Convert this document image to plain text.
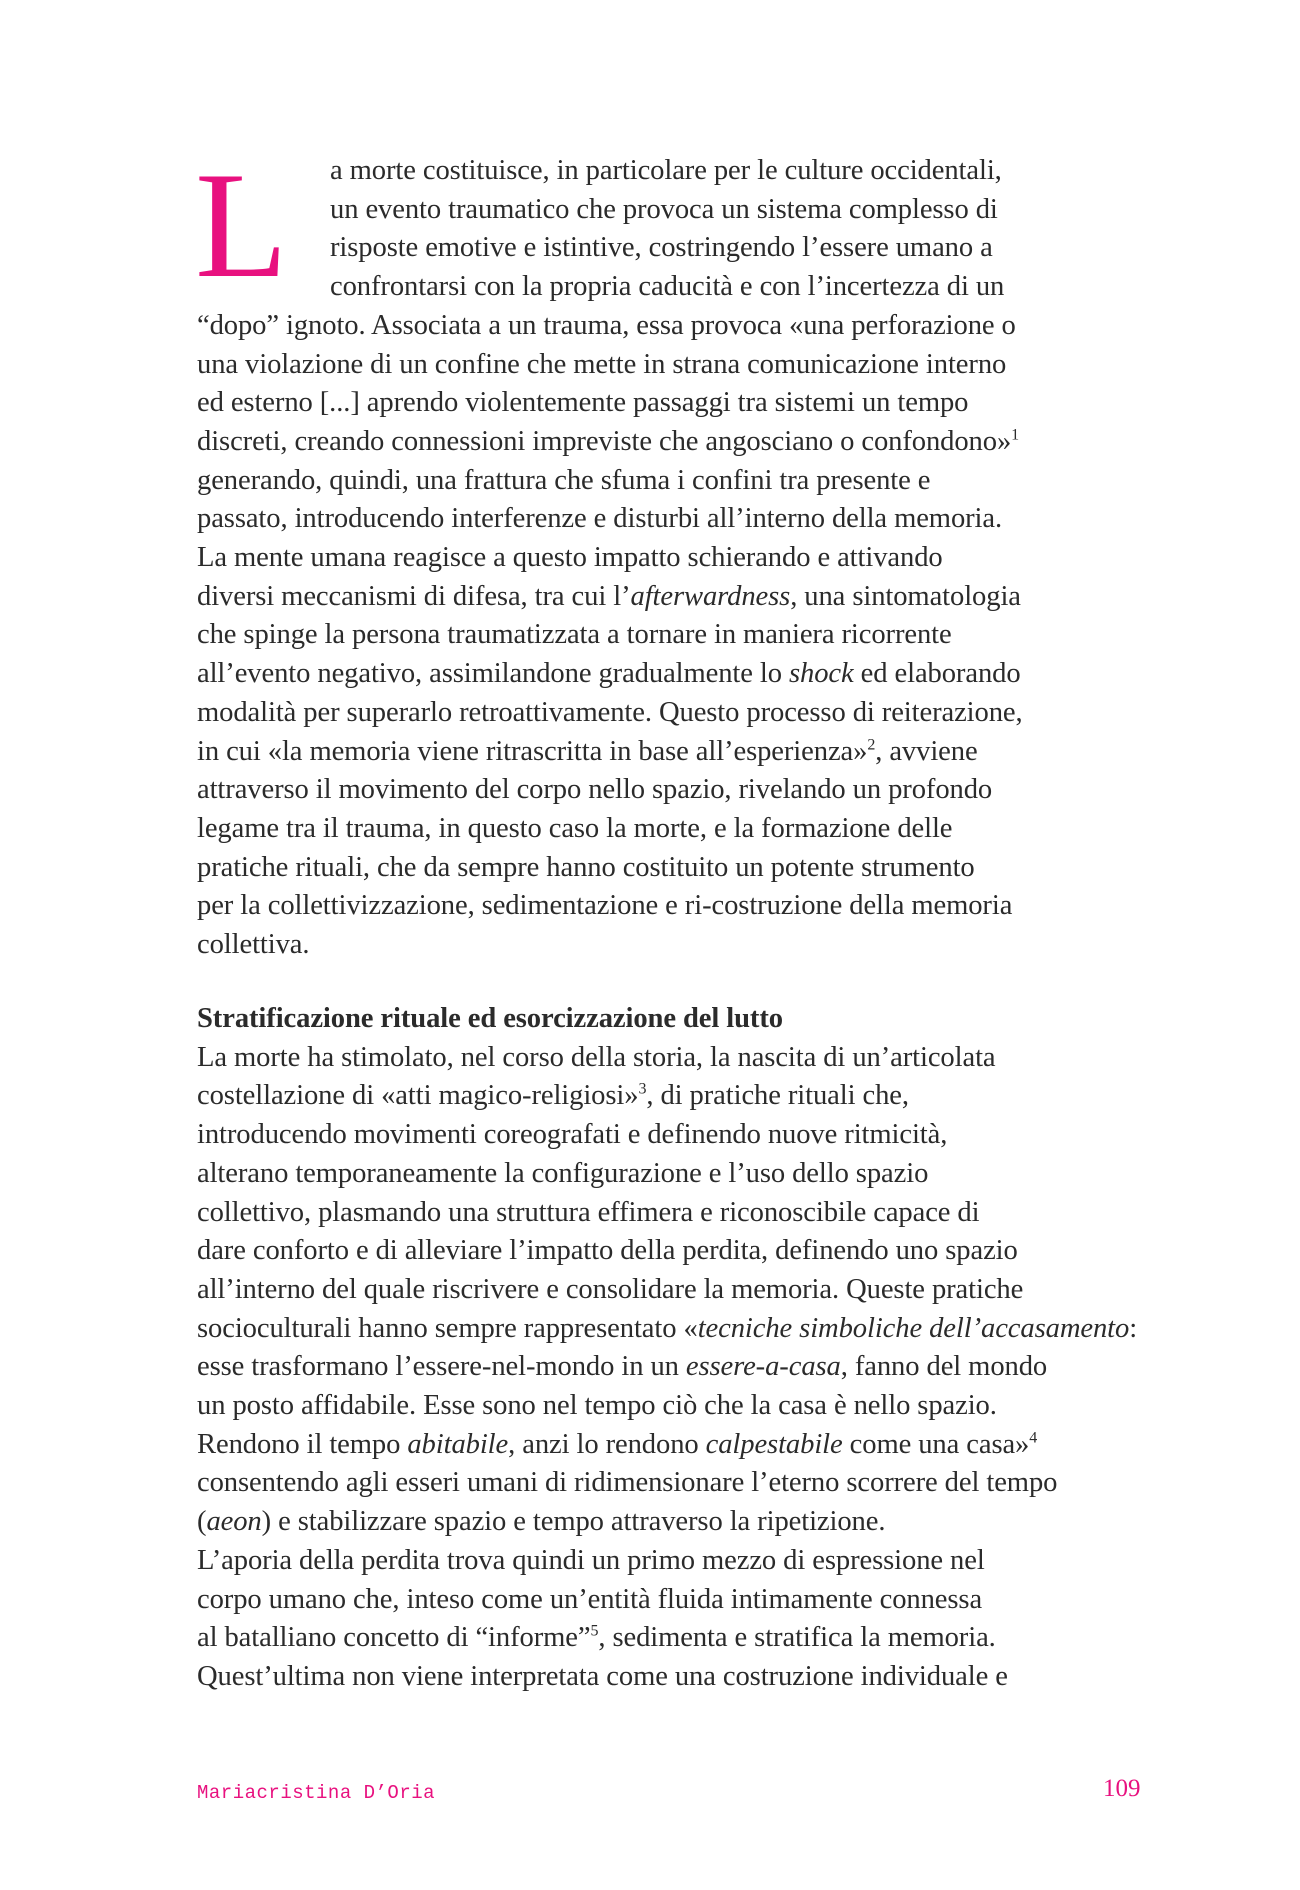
L	a morte costituisce, in particolare per le culture occidentali,
un evento traumatico che provoca un sistema complesso di
risposte emotive e istintive, costringendo l’essere umano a
confrontarsi con la propria caducità e con l’incertezza di un
“dopo” ignoto. Associata a un trauma, essa provoca «una perforazione o
una violazione di un confine che mette in strana comunicazione interno
ed esterno [...] aprendo violentemente passaggi tra sistemi un tempo
discreti, creando connessioni impreviste che angosciano o confondono»$^1$
generando, quindi, una frattura che sfuma i confini tra presente e
passato, introducendo interferenze e disturbi all’interno della memoria.
La mente umana reagisce a questo impatto schierando e attivando
diversi meccanismi di difesa, tra cui l’afterwardness, una sintomatologia
che spinge la persona traumatizzata a tornare in maniera ricorrente
all’evento negativo, assimilandone gradualmente lo shock ed elaborando
modalità per superarlo retroattivamente. Questo processo di reiterazione,
in cui «la memoria viene ritrascritta in base all’esperienza»$^2$, avviene
attraverso il movimento del corpo nello spazio, rivelando un profondo
legame tra il trauma, in questo caso la morte, e la formazione delle
pratiche rituali, che da sempre hanno costituito un potente strumento
per la collettivizzazione, sedimentazione e ri-costruzione della memoria
collettiva.
Stratificazione rituale ed esorcizzazione del lutto
La morte ha stimolato, nel corso della storia, la nascita di un’articolata
costellazione di «atti magico-religiosi»$^3$, di pratiche rituali che,
introducendo movimenti coreografati e definendo nuove ritmicità,
alterano temporaneamente la configurazione e l’uso dello spazio
collettivo, plasmando una struttura effimera e riconoscibile capace di
dare conforto e di alleviare l’impatto della perdita, definendo uno spazio
all’interno del quale riscrivere e consolidare la memoria. Queste pratiche
socioculturali hanno sempre rappresentato «tecniche simboliche dell’accasamento:
esse trasformano l’essere-nel-mondo in un essere-a-casa, fanno del mondo
un posto affidabile. Esse sono nel tempo ciò che la casa è nello spazio.
Rendono il tempo abitabile, anzi lo rendono calpestabile come una casa»$^4$
consentendo agli esseri umani di ridimensionare l’eterno scorrere del tempo
(aeon) e stabilizzare spazio e tempo attraverso la ripetizione.
L’aporia della perdita trova quindi un primo mezzo di espressione nel
corpo umano che, inteso come un’entità fluida intimamente connessa
al batalliano concetto di “informe”$^5$, sedimenta e stratifica la memoria.
Quest’ultima non viene interpretata come una costruzione individuale e
Mariacristina D’Oria	109
